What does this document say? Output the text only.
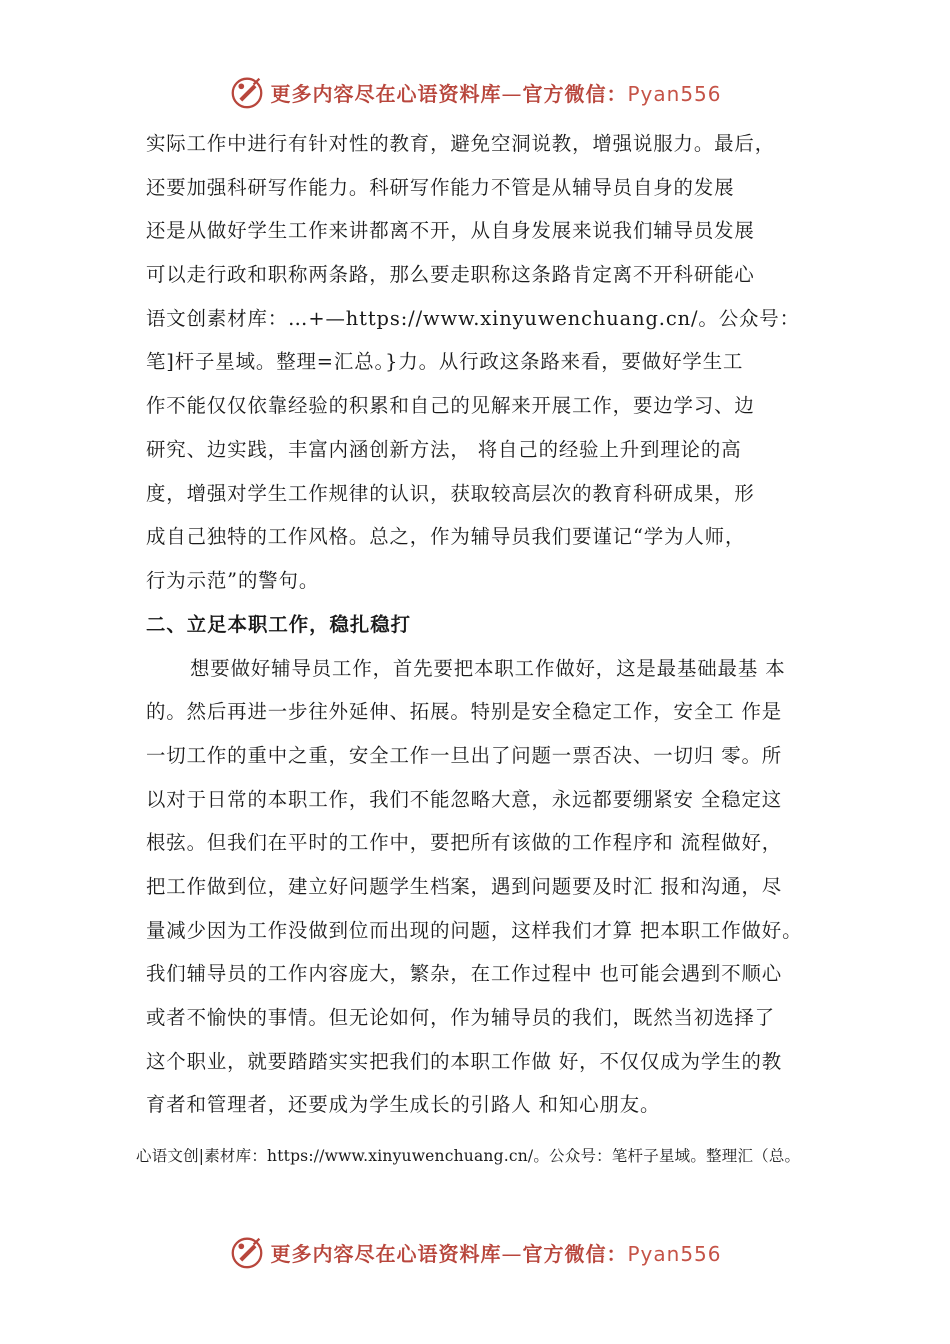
更多内容尽在心语资料库—官方微信：Pyan556
实际工作中进行有针对性的教育，避免空洞说教，增强说服力。最后，
还要加强科研写作能力。科研写作能力不管是从辅导员自身的发展
还是从做好学生工作来讲都离不开，从自身发展来说我们辅导员发展
可以走行政和职称两条路，那么要走职称这条路肯定离不开科研能心
语文创素材库：…+—https://www.xinyuwenchuang.cn/。公众号：
笔]杆子星域。整理=汇总。}力。从行政这条路来看，要做好学生工
作不能仅仅依靠经验的积累和自己的见解来开展工作，要边学习、边
研究、边实践，丰富内涵创新方法， 将自己的经验上升到理论的高
度，增强对学生工作规律的认识，获取较高层次的教育科研成果，形
成自己独特的工作风格。总之，作为辅导员我们要谨记“学为人师，
行为示范”的警句。
二、立足本职工作，稳扎稳打
想要做好辅导员工作，首先要把本职工作做好，这是最基础最基 本
的。然后再进一步往外延伸、拓展。特别是安全稳定工作，安全工 作是
一切工作的重中之重，安全工作一旦出了问题一票否决、一切归 零。所
以对于日常的本职工作，我们不能忽略大意，永远都要绷紧安 全稳定这
根弦。但我们在平时的工作中，要把所有该做的工作程序和 流程做好，
把工作做到位，建立好问题学生档案，遇到问题要及时汇 报和沟通，尽
量减少因为工作没做到位而出现的问题，这样我们才算 把本职工作做好。
我们辅导员的工作内容庞大，繁杂，在工作过程中 也可能会遇到不顺心
或者不愉快的事情。但无论如何，作为辅导员的我们，既然当初选择了
这个职业，就要踏踏实实把我们的本职工作做 好，不仅仅成为学生的教
育者和管理者，还要成为学生成长的引路人 和知心朋友。
心语文创|素材库：https://www.xinyuwenchuang.cn/。公众号：笔杆子星域。整理汇（总。
更多内容尽在心语资料库—官方微信：Pyan556
